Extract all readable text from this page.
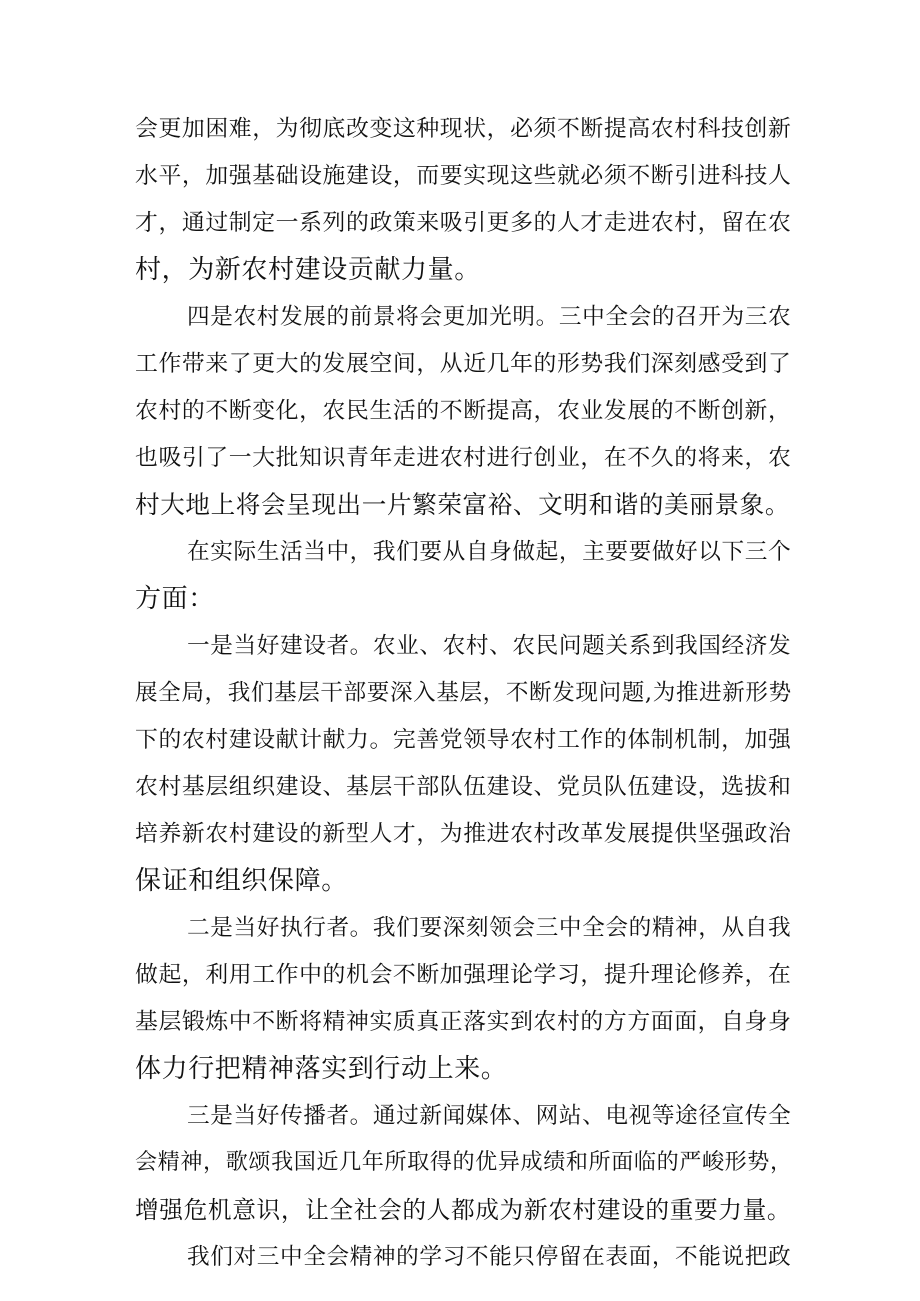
会更加困难，为彻底改变这种现状，必须不断提高农村科技创新
水平，加强基础设施建设，而要实现这些就必须不断引进科技人
才，通过制定一系列的政策来吸引更多的人才走进农村，留在农
村，为新农村建设贡献力量。
四是农村发展的前景将会更加光明。三中全会的召开为三农
工作带来了更大的发展空间，从近几年的形势我们深刻感受到了
农村的不断变化，农民生活的不断提高，农业发展的不断创新，
也吸引了一大批知识青年走进农村进行创业，在不久的将来，农
村大地上将会呈现出一片繁荣富裕、文明和谐的美丽景象。
在实际生活当中，我们要从自身做起，主要要做好以下三个
方面：
一是当好建设者。农业、农村、农民问题关系到我国经济发
展全局，我们基层干部要深入基层，不断发现问题,为推进新形势
下的农村建设献计献力。完善党领导农村工作的体制机制，加强
农村基层组织建设、基层干部队伍建设、党员队伍建设，选拔和
培养新农村建设的新型人才，为推进农村改革发展提供坚强政治
保证和组织保障。
二是当好执行者。我们要深刻领会三中全会的精神，从自我
做起，利用工作中的机会不断加强理论学习，提升理论修养，在
基层锻炼中不断将精神实质真正落实到农村的方方面面，自身身
体力行把精神落实到行动上来。
三是当好传播者。通过新闻媒体、网站、电视等途径宣传全
会精神，歌颂我国近几年所取得的优异成绩和所面临的严峻形势，
增强危机意识，让全社会的人都成为新农村建设的重要力量。
我们对三中全会精神的学习不能只停留在表面，不能说把政
